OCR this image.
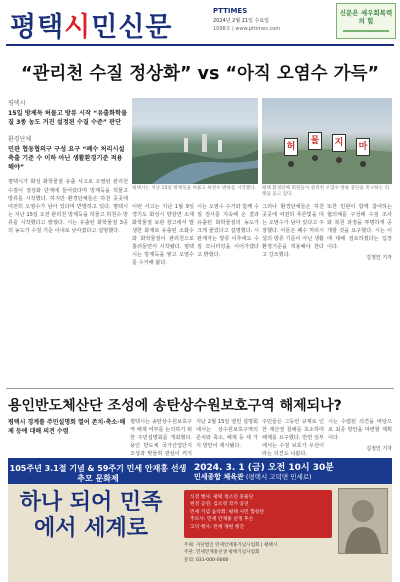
평택시민신문
PTTIMES
2024년 2월 21일 수요일
1098호 | www.pttimes.com
신문은 세우회복력의 힘
“관리천 수질 정상화” vs “아직 오염수 가득”
평택시
15일 방제둑 허물고 방류 시작 “유출화학물질 3종 농도 거진 설정된 수질 수준” 판단
환경단체
민관 협동협의구 구성 요구 “폐수 처리시설 축출 기준 수 이하 아닌 생활환경기준 적용해야”
평택시가 화성 화학물질 유출 사고로 오염된 관리천 수질이 정상화 단계에 들어섰다며 방제둑을 허물고 방류를 시작했다. 하지만 환경단체들은 하천 곳곳에 여전히 오염수가 남아 있다며 반발하고 있다. 평택시는 지난 15일 오전 관리천 방제둑을 허물고 하천수 방류를 시작했다고 밝혔다. 시는 유출된 화학물질 3종의 농도가 수질 기준 이내로 낮아졌다고 설명했다.
허
물 지 마
평택시는 지난 15일 방제둑을 허물고 하천수 방류를 시작했다.	평택 환경단체 회원들이 관리천 오염수 방류 중단을 촉구하는 피켓을 들고 있다.
이번 사고는 지난 1월 9일 경기도 화성시 양감면 소재 화학물질 보관 창고에서 발생한 화재로 유출된 소화수와 화학물질이 관리천으로 흘러들면서 시작됐다. 평택시는 방제둑을 쌓고 오염수를 수거해 왔다.
시는 오염수 수거와 함께 수질 검사를 지속해 온 결과 유출된 화학물질의 농도가 크게 줄었다고 설명했다. 시 관계자는 방류 이후에도 수질 모니터링을 이어가겠다고 밝혔다.
그러나 환경단체들은 하천 곳곳에 여전히 푸른빛을 띠는 오염수가 남아 있다고 주장했다. 이들은 폐수 처리시설의 방류 기준이 아닌 생활환경기준을 적용해야 한다고 강조했다.
또한 민관이 함께 참여하는 협의체를 구성해 수질 조사와 복원 과정을 투명하게 공개할 것을 요구했다. 시는 이에 대해 검토하겠다는 입장이다.
김정인 기자
용인반도체산단 조성에 송탄상수원보호구역 해제되나?
평택시 경계를 주민설명회 열어 존치·축소·해제 등에 대해 의견 수렴
평택시는 송탄상수원보호구역 해제 여부를 논의하기 위한 주민설명회를 개최했다. 용인 반도체 국가산업단지 조성과 맞물려 관심이 커지
지난 2월 15일 열린 설명회에서는 상수원보호구역의 존치와 축소, 해제 등 세 가지 방안이 제시됐다.
주민들은 그동안 규제로 인한 재산권 침해를 호소하며 해제를 요구했다. 반면 일부에서는 수질 보호가 우선이라는 의견도 나왔다.
시는 수렴된 의견을 바탕으로 최종 방안을 마련할 계획이다.
김정인 기자
105주년 3.1절 기념 & 59주기 민세 안재홍 선생 추모 문화제
2024. 3. 1 (금) 오전 10시 30분
민세종합 체육관 (평택시 고덕면 민세로)
하나 되어 민족에서 세계로
식전 행사: 평택 청소년 풍물단
헌정 공연: 김소영 작가 공연
민세 기념 음악회: 평택 시민 합창단
추모사: 민세 안재홍 선생 후손
고덕 행사: 만세 재현 행진
주최: 사단법인 민세안재홍기념사업회 | 평택시
주관: 민세안재홍선생 평택기념사업회
문의: 031-000-0000
